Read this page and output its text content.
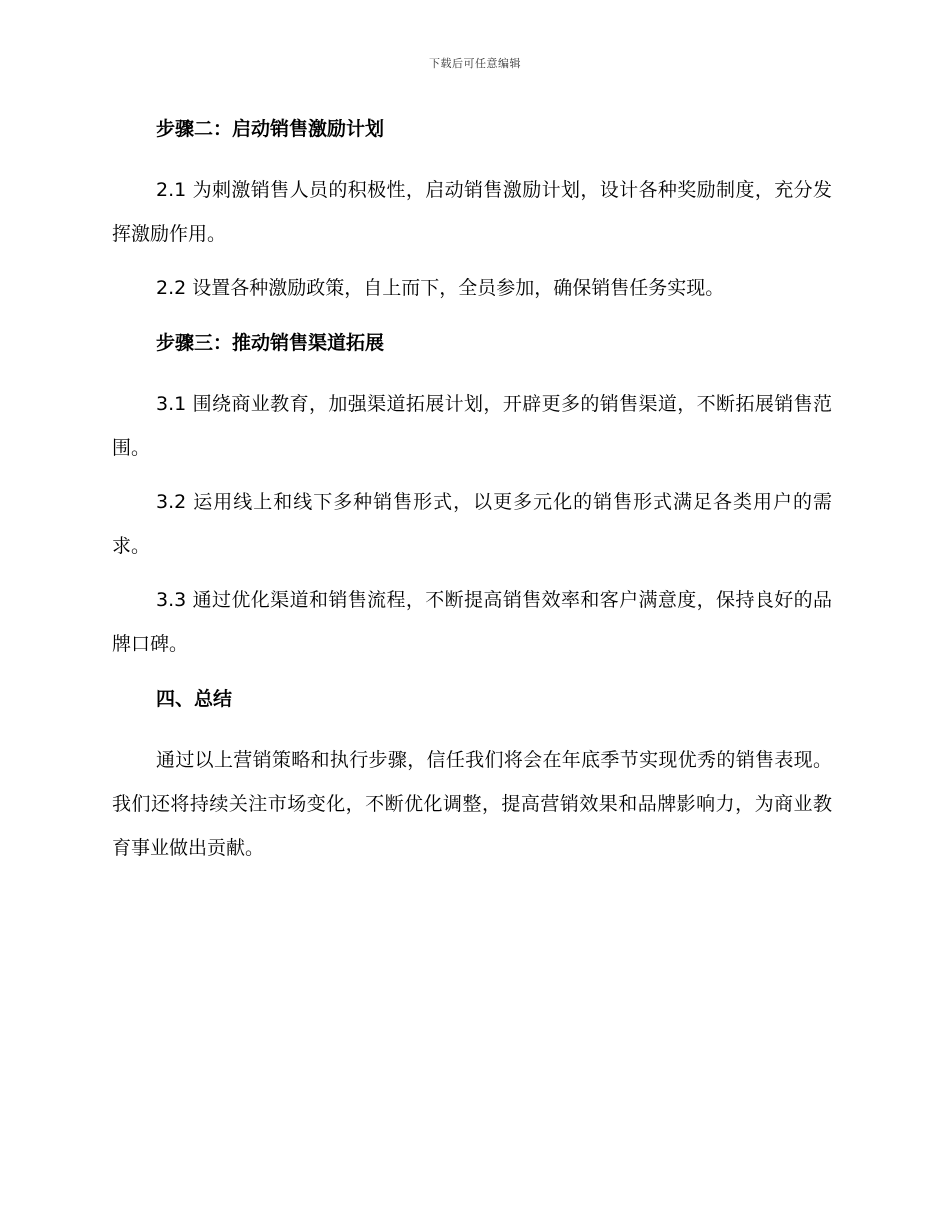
下载后可任意编辑
步骤二：启动销售激励计划
2.1 为刺激销售人员的积极性，启动销售激励计划，设计各种奖励制度，充分发挥激励作用。
2.2 设置各种激励政策，自上而下，全员参加，确保销售任务实现。
步骤三：推动销售渠道拓展
3.1 围绕商业教育，加强渠道拓展计划，开辟更多的销售渠道，不断拓展销售范围。
3.2 运用线上和线下多种销售形式，以更多元化的销售形式满足各类用户的需求。
3.3 通过优化渠道和销售流程，不断提高销售效率和客户满意度，保持良好的品牌口碑。
四、总结
通过以上营销策略和执行步骤，信任我们将会在年底季节实现优秀的销售表现。我们还将持续关注市场变化，不断优化调整，提高营销效果和品牌影响力，为商业教育事业做出贡献。
